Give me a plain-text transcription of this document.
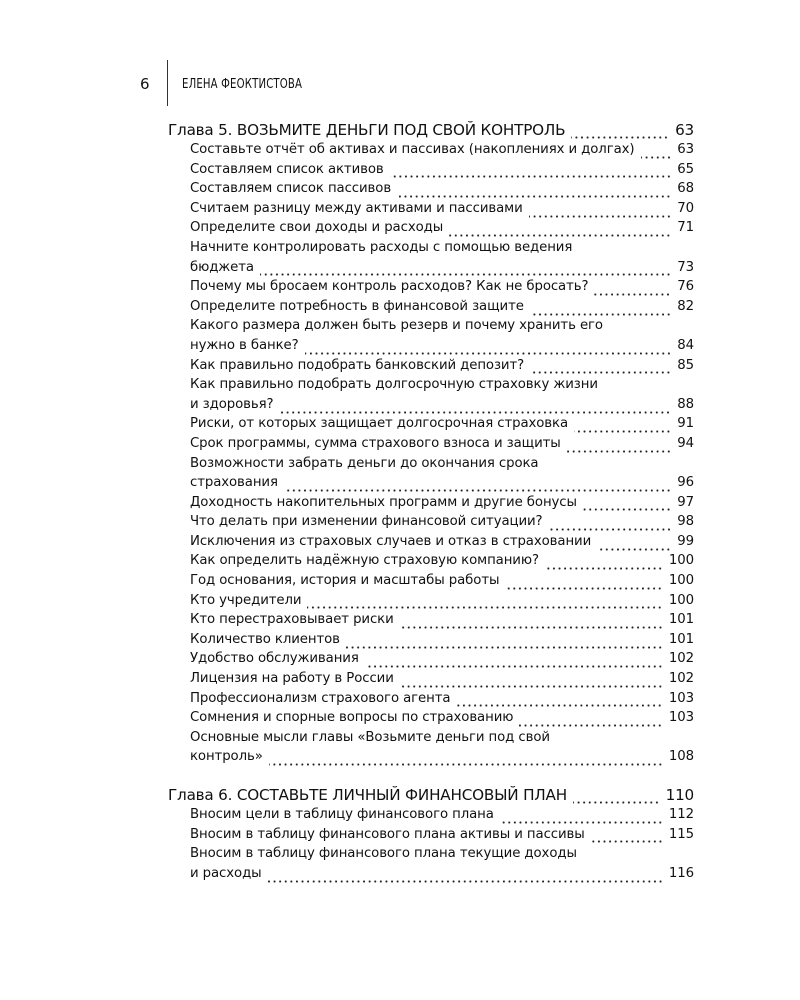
6 ЕЛЕНА ФЕОКТИСТОВА
Глава 5. ВОЗЬМИТЕ ДЕНЬГИ ПОД СВОЙ КОНТРОЛЬ	63
Составьте отчёт об активах и пассивах (накоплениях и долгах)	63
Составляем список активов	65
Составляем список пассивов	68
Считаем разницу между активами и пассивами	70
Определите свои доходы и расходы	71
Начните контролировать расходы с помощью ведения
бюджета	73
Почему мы бросаем контроль расходов? Как не бросать?	76
Определите потребность в финансовой защите	82
Какого размера должен быть резерв и почему хранить его
нужно в банке?	84
Как правильно подобрать банковский депозит?	85
Как правильно подобрать долгосрочную страховку жизни
и здоровья?	88
Риски, от которых защищает долгосрочная страховка	91
Срок программы, сумма страхового взноса и защиты	94
Возможности забрать деньги до окончания срока
страхования	96
Доходность накопительных программ и другие бонусы	97
Что делать при изменении финансовой ситуации?	98
Исключения из страховых случаев и отказ в страховании	99
Как определить надёжную страховую компанию?	100
Год основания, история и масштабы работы	100
Кто учредители	100
Кто перестраховывает риски	101
Количество клиентов	101
Удобство обслуживания	102
Лицензия на работу в России	102
Профессионализм страхового агента	103
Сомнения и спорные вопросы по страхованию	103
Основные мысли главы «Возьмите деньги под свой
контроль»	108
Глава 6. СОСТАВЬТЕ ЛИЧНЫЙ ФИНАНСОВЫЙ ПЛАН	110
Вносим цели в таблицу финансового плана	112
Вносим в таблицу финансового плана активы и пассивы	115
Вносим в таблицу финансового плана текущие доходы
и расходы	116
